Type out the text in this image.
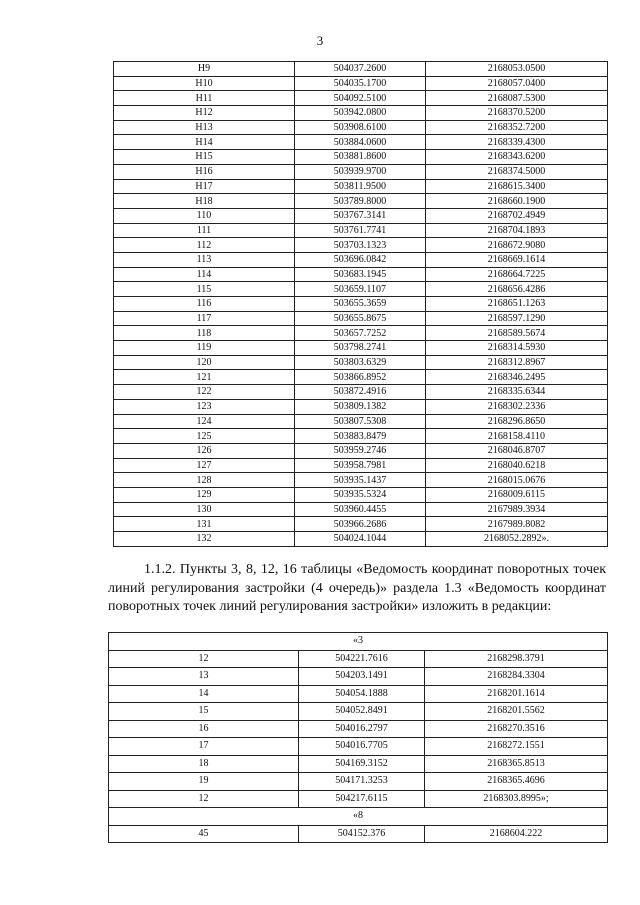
3
Н9	504037.2600	2168053.0500
Н10	504035.1700	2168057.0400
Н11	504092.5100	2168087.5300
Н12	503942.0800	2168370.5200
Н13	503908.6100	2168352.7200
Н14	503884.0600	2168339.4300
Н15	503881.8600	2168343.6200
Н16	503939.9700	2168374.5000
Н17	503811.9500	2168615.3400
Н18	503789.8000	2168660.1900
110	503767.3141	2168702.4949
111	503761.7741	2168704.1893
112	503703.1323	2168672.9080
113	503696.0842	2168669.1614
114	503683.1945	2168664.7225
115	503659.1107	2168656.4286
116	503655.3659	2168651.1263
117	503655.8675	2168597.1290
118	503657.7252	2168589.5674
119	503798.2741	2168314.5930
120	503803.6329	2168312.8967
121	503866.8952	2168346.2495
122	503872.4916	2168335.6344
123	503809.1382	2168302.2336
124	503807.5308	2168296.8650
125	503883.8479	2168158.4110
126	503959.2746	2168046.8707
127	503958.7981	2168040.6218
128	503935.1437	2168015.0676
129	503935.5324	2168009.6115
130	503960.4455	2167989.3934
131	503966.2686	2167989.8082
132	504024.1044	2168052.2892».
1.1.2. Пункты 3, 8, 12, 16 таблицы «Ведомость координат поворотных точек линий регулирования застройки (4 очередь)» раздела 1.3 «Ведомость координат поворотных точек линий регулирования застройки» изложить в редакции:
«3		
12	504221.7616	2168298.3791
13	504203.1491	2168284.3304
14	504054.1888	2168201.1614
15	504052.8491	2168201.5562
16	504016.2797	2168270.3516
17	504016.7705	2168272.1551
18	504169.3152	2168365.8513
19	504171.3253	2168365.4696
12	504217.6115	2168303.8995»;
«8		
45	504152.376	2168604.222
